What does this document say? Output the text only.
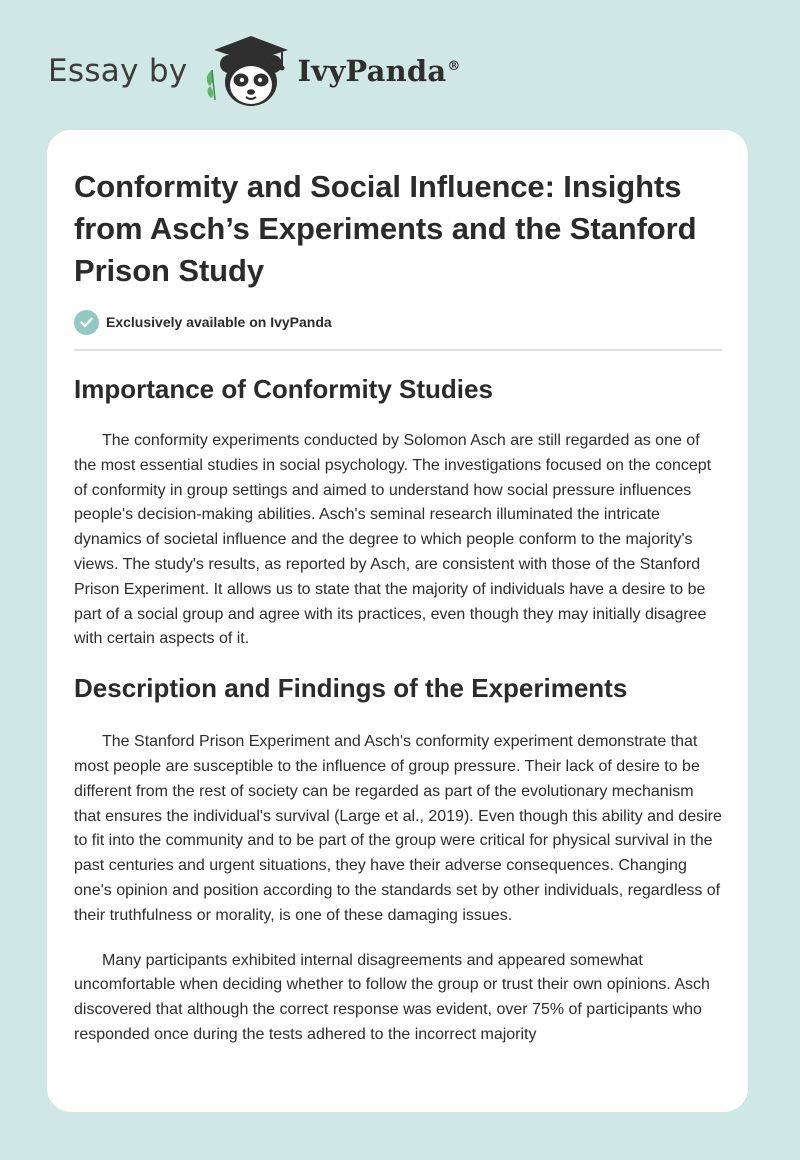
Essay by	IvyPanda®
Conformity and Social Influence: Insights from Asch’s Experiments and the Stanford Prison Study
Exclusively available on IvyPanda
Importance of Conformity Studies

The conformity experiments conducted by Solomon Asch are still regarded as one of the most essential studies in social psychology. The investigations focused on the concept of conformity in group settings and aimed to understand how social pressure influences people's decision-making abilities. Asch's seminal research illuminated the intricate dynamics of societal influence and the degree to which people conform to the majority's views. The study's results, as reported by Asch, are consistent with those of the Stanford Prison Experiment. It allows us to state that the majority of individuals have a desire to be part of a social group and agree with its practices, even though they may initially disagree with certain aspects of it.

Description and Findings of the Experiments

The Stanford Prison Experiment and Asch's conformity experiment demonstrate that most people are susceptible to the influence of group pressure. Their lack of desire to be different from the rest of society can be regarded as part of the evolutionary mechanism that ensures the individual's survival (Large et al., 2019). Even though this ability and desire to fit into the community and to be part of the group were critical for physical survival in the past centuries and urgent situations, they have their adverse consequences. Changing one's opinion and position according to the standards set by other individuals, regardless of their truthfulness or morality, is one of these damaging issues.

Many participants exhibited internal disagreements and appeared somewhat uncomfortable when deciding whether to follow the group or trust their own opinions. Asch discovered that although the correct response was evident, over 75% of participants who responded once during the tests adhered to the incorrect majority
